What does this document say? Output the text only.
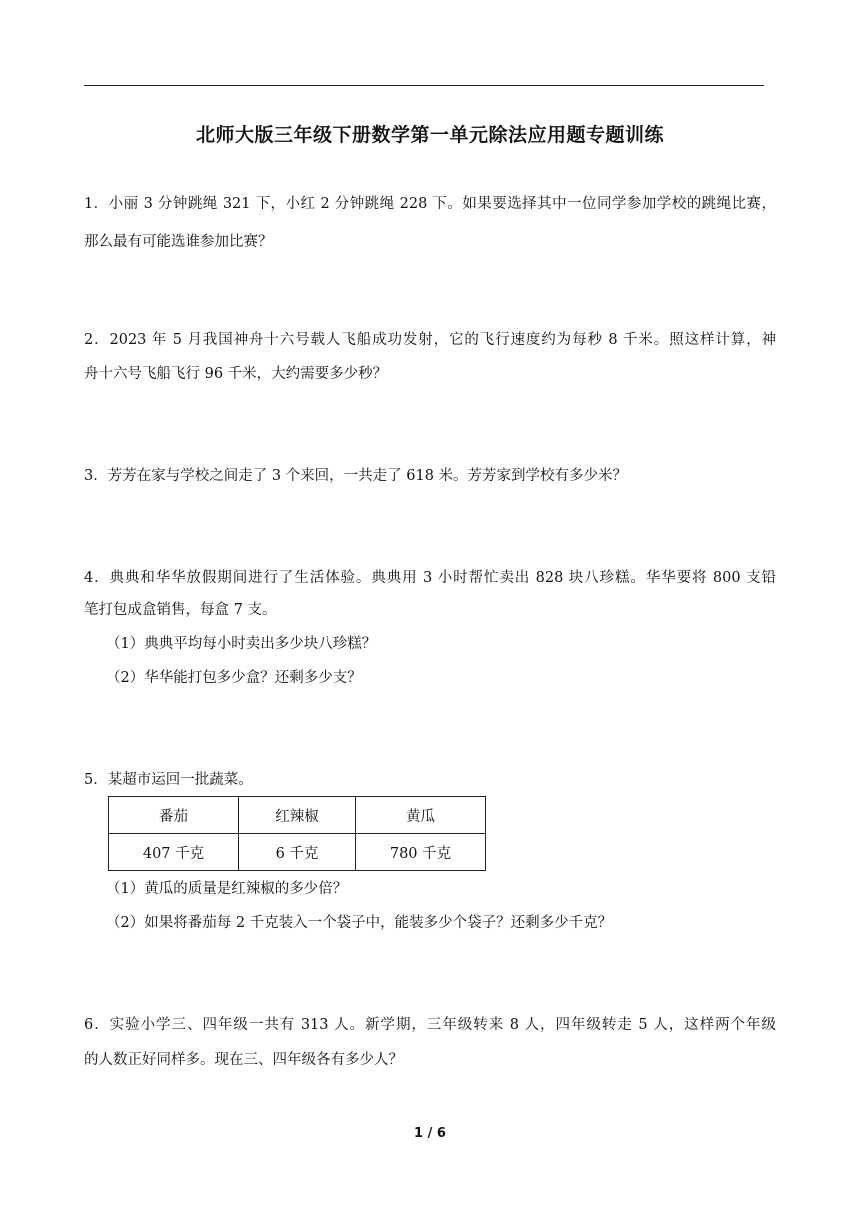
北师大版三年级下册数学第一单元除法应用题专题训练
1．小丽 3 分钟跳绳 321 下，小红 2 分钟跳绳 228 下。如果要选择其中一位同学参加学校的跳绳比赛，
那么最有可能选谁参加比赛？
2．2023 年 5 月我国神舟十六号载人飞船成功发射，它的飞行速度约为每秒 8 千米。照这样计算，神
舟十六号飞船飞行 96 千米，大约需要多少秒？
3．芳芳在家与学校之间走了 3 个来回，一共走了 618 米。芳芳家到学校有多少米？
4．典典和华华放假期间进行了生活体验。典典用 3 小时帮忙卖出 828 块八珍糕。华华要将 800 支铅
笔打包成盒销售，每盒 7 支。
（1）典典平均每小时卖出多少块八珍糕？
（2）华华能打包多少盒？还剩多少支？
5．某超市运回一批蔬菜。
番茄	红辣椒	黄瓜
407 千克	6 千克	780 千克
（1）黄瓜的质量是红辣椒的多少倍？
（2）如果将番茄每 2 千克装入一个袋子中，能装多少个袋子？还剩多少千克？
6．实验小学三、四年级一共有 313 人。新学期，三年级转来 8 人，四年级转走 5 人，这样两个年级
的人数正好同样多。现在三、四年级各有多少人？
1 / 6
